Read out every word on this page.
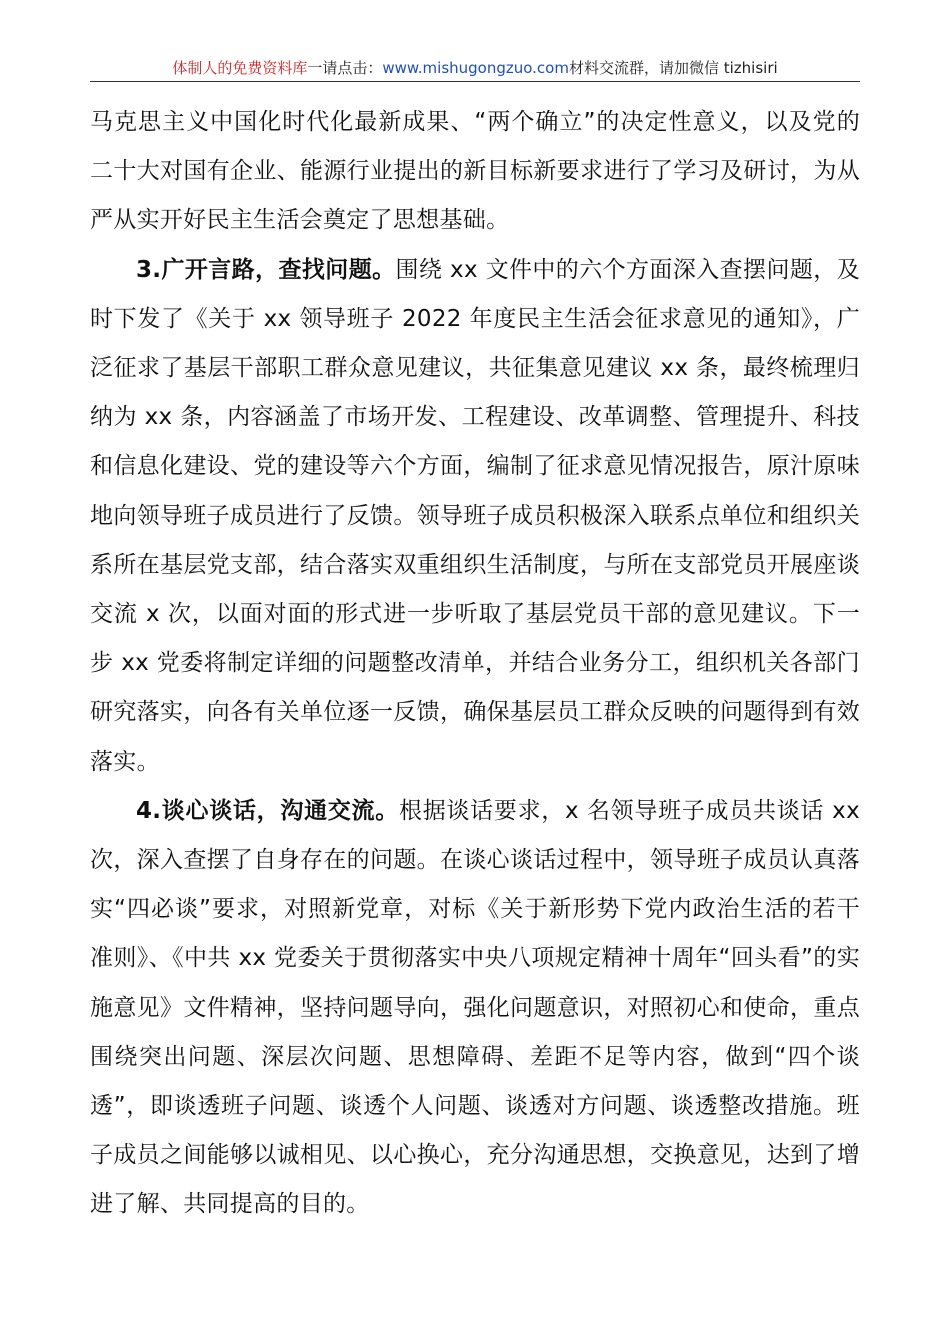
体制人的免费资料库一请点击：www.mishugongzuo.com材料交流群，请加微信 tizhisiri

马克思主义中国化时代化最新成果、“两个确立”的决定性意义，以及党的二十大对国有企业、能源行业提出的新目标新要求进行了学习及研讨，为从严从实开好民主生活会奠定了思想基础。

3.广开言路，查找问题。围绕 xx 文件中的六个方面深入查摆问题，及时下发了《关于 xx 领导班子 2022 年度民主生活会征求意见的通知》，广泛征求了基层干部职工群众意见建议，共征集意见建议 xx 条，最终梳理归纳为 xx 条，内容涵盖了市场开发、工程建设、改革调整、管理提升、科技和信息化建设、党的建设等六个方面，编制了征求意见情况报告，原汁原味地向领导班子成员进行了反馈。领导班子成员积极深入联系点单位和组织关系所在基层党支部，结合落实双重组织生活制度，与所在支部党员开展座谈交流 x 次，以面对面的形式进一步听取了基层党员干部的意见建议。下一步 xx 党委将制定详细的问题整改清单，并结合业务分工，组织机关各部门研究落实，向各有关单位逐一反馈，确保基层员工群众反映的问题得到有效落实。

4.谈心谈话，沟通交流。根据谈话要求，x 名领导班子成员共谈话 xx 次，深入查摆了自身存在的问题。在谈心谈话过程中，领导班子成员认真落实“四必谈”要求，对照新党章，对标《关于新形势下党内政治生活的若干准则》、《中共 xx 党委关于贯彻落实中央八项规定精神十周年“回头看”的实施意见》文件精神，坚持问题导向，强化问题意识，对照初心和使命，重点围绕突出问题、深层次问题、思想障碍、差距不足等内容，做到“四个谈透”，即谈透班子问题、谈透个人问题、谈透对方问题、谈透整改措施。班子成员之间能够以诚相见、以心换心，充分沟通思想，交换意见，达到了增进了解、共同提高的目的。
